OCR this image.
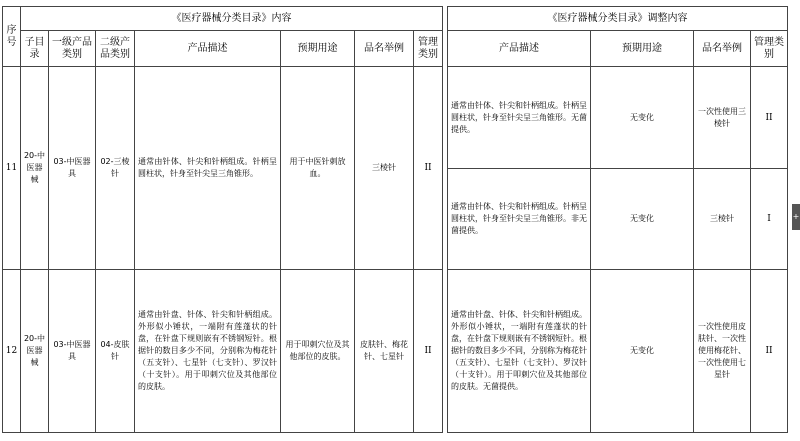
序号	《医疗器械分类目录》内容								《医疗器械分类目录》调整内容			
	子目录	一级产品类别	二级产品类别	产品描述	预期用途	品名举例	管理类别		产品描述	预期用途	品名举例	管理类别
11	20-中医器械	03-中医器具	02-三棱针	通常由针体、针尖和针柄组成。针柄呈圆柱状，针身至针尖呈三角锥形。	用于中医针刺放血。	三棱针	II		通常由针体、针尖和针柄组成。针柄呈圆柱状，针身至针尖呈三角锥形。无菌提供。	无变化	一次性使用三棱针	II
									通常由针体、针尖和针柄组成。针柄呈圆柱状，针身至针尖呈三角锥形。非无菌提供。	无变化	三棱针	I
12	20-中医器械	03-中医器具	04-皮肤针	通常由针盘、针体、针尖和针柄组成。外形似小锤状，一端附有莲蓬状的针盘，在针盘下规则嵌有不锈钢短针。根据针的数目多少不同，分别称为梅花针（五支针）、七星针（七支针）、罗汉针（十支针）。用于叩刺穴位及其他部位的皮肤。	用于叩刺穴位及其他部位的皮肤。	皮肤针、梅花针、七星针	II		通常由针盘、针体、针尖和针柄组成。外形似小锤状，一端附有莲蓬状的针盘，在针盘下规则嵌有不锈钢短针。根据针的数目多少不同，分别称为梅花针（五支针）、七星针（七支针）、罗汉针（十支针）。用于叩刺穴位及其他部位的皮肤。无菌提供。	无变化	一次性使用皮肤针、一次性使用梅花针、一次性使用七星针	II
+
